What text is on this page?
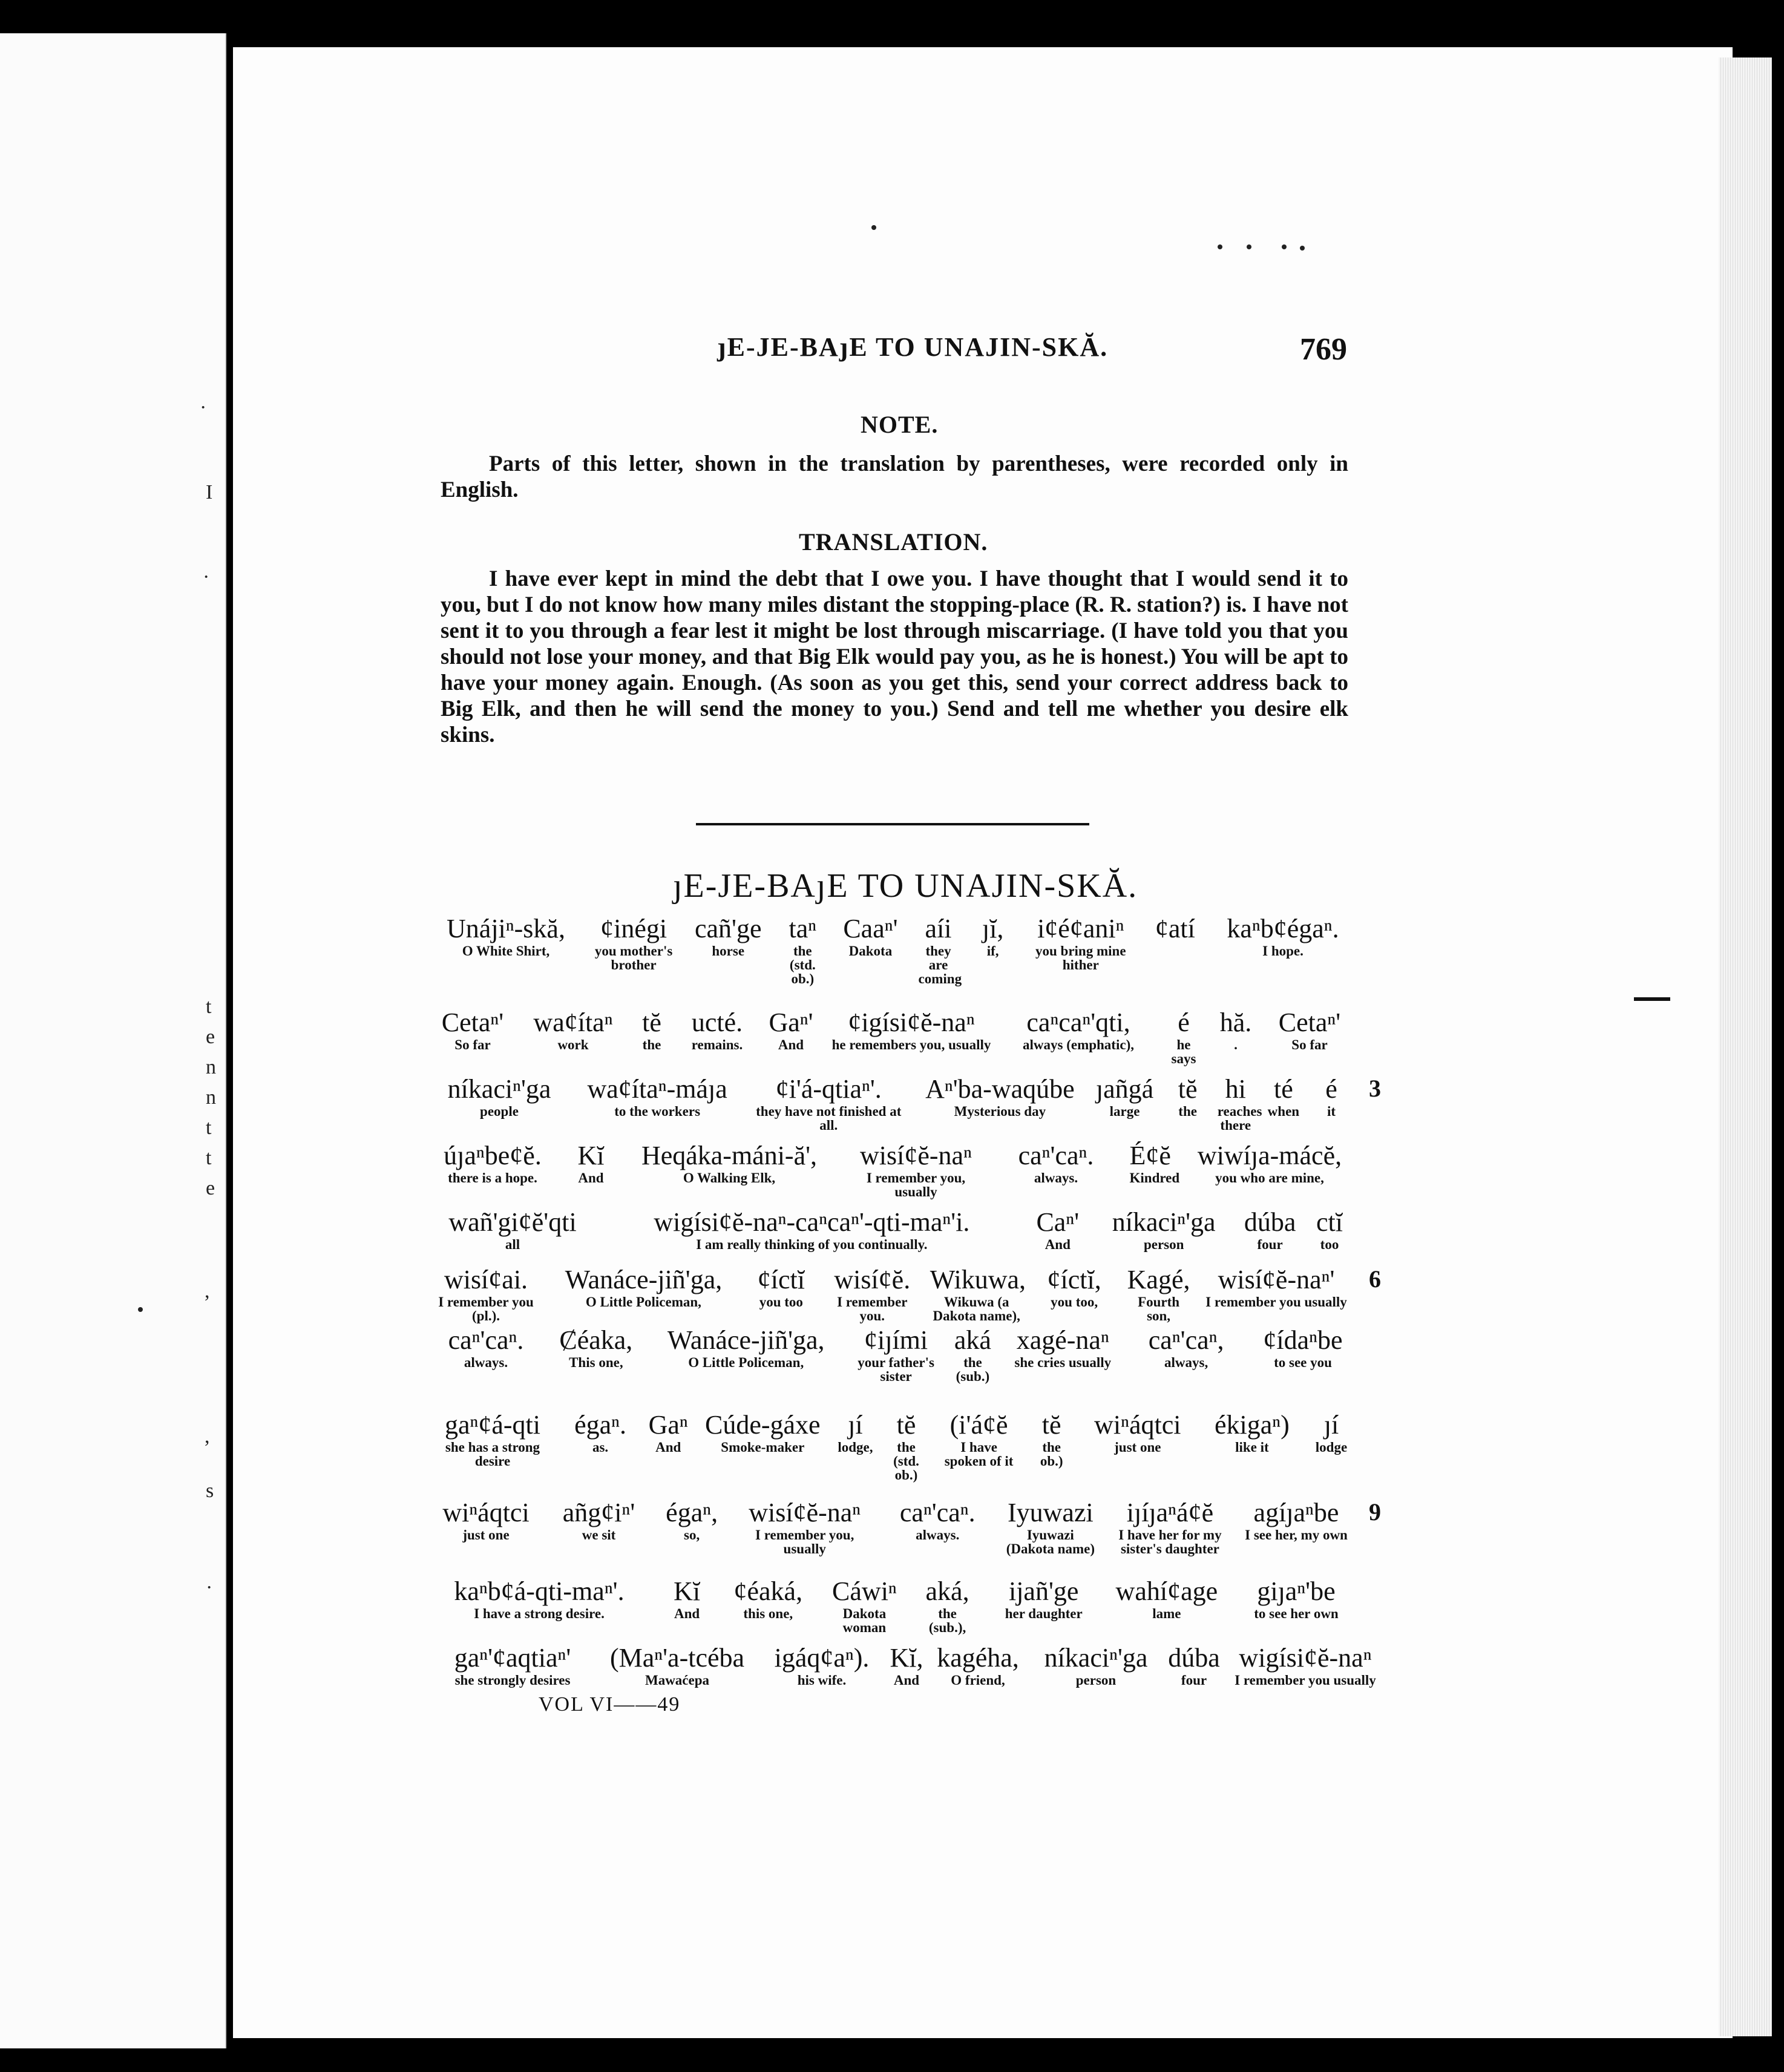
·
I
·
t
e
n
n
t
t
e
,
,
s
·
ȷE-JE-BAȷE TO UNAJIN-SKĂ.	769
NOTE.
Parts of this letter, shown in the translation by parentheses, were recorded only in English.
TRANSLATION.
I have ever kept in mind the debt that I owe you. I have thought that I would send it to you, but I do not know how many miles distant the stopping-place (R. R. station?) is. I have not sent it to you through a fear lest it might be lost through miscarriage. (I have told you that you should not lose your money, and that Big Elk would pay you, as he is honest.) You will be apt to have your money again. Enough. (As soon as you get this, send your correct address back to Big Elk, and then he will send the money to you.) Send and tell me whether you desire elk skins.
ȷE-JE-BAȷE TO UNAJIN-SKĂ.
Unájiⁿ-skă,
O White Shirt,
ȼinégi
you mother's brother
cañ'ge
horse
taⁿ
the (std. ob.)
Caaⁿ'
Dakota
aíi
they are coming
ȷĭ,
if,
iȼéȼaniⁿ
you bring mine hither
ȼatí	kaⁿbȼégaⁿ.
I hope.
Cetaⁿ'
So far
waȼítaⁿ
work
tĕ
the
ucté.
remains.
Gaⁿ'
And
ȼigísiȼĕ-naⁿ
he remembers you, usually
caⁿcaⁿ'qti,
always (emphatic),
é
he says
hă.
.
Cetaⁿ'
So far
níkaciⁿ'ga
people
waȼítaⁿ-máȷa
to the workers
ȼi'á-qtiaⁿ'.
they have not finished at all.
Aⁿ'ba-waqúbe
Mysterious day
ȷañgá
large
tĕ
the
hi
reaches there
té
when
é
it
3
úȷaⁿbeȼĕ.
there is a hope.
Kĭ
And
Heqáka-máni-ă',
O Walking Elk,
wisíȼĕ-naⁿ
I remember you, usually
caⁿ'caⁿ.
always.
Éȼĕ
Kindred
wiwíȷa-mácĕ,
you who are mine,
wañ'giȼĕ'qti
all
wigísiȼĕ-naⁿ-caⁿcaⁿ'-qti-maⁿ'i.
I am really thinking of you continually.
Caⁿ'
And
níkaciⁿ'ga
person
dúba
four
ctĭ
too
wisíȼai.
I remember you (pl.).
Wanáce-jiñ'ga,
O Little Policeman,
ȼíctĭ
you too
wisíȼĕ.
I remember you.
Wikuwa,
Wikuwa (a Dakota name),
ȼíctĭ,
you too,
Kagé,
Fourth son,
wisíȼĕ-naⁿ'
I remember you usually
6
caⁿ'caⁿ.
always.
Ȼéaka,
This one,
Wanáce-jiñ'ga,
O Little Policeman,
ȼiȷími
your father's sister
aká
the (sub.)
xagé-naⁿ
she cries usually
caⁿ'caⁿ,
always,
ȼídaⁿbe
to see you
gaⁿȼá-qti
she has a strong desire
égaⁿ.
as.
Gaⁿ
And
Cúde-gáxe
Smoke-maker
ȷí
lodge,
tĕ
the (std. ob.)
(i'áȼĕ
I have spoken of it
tĕ
the ob.)
wiⁿáqtci
just one
ékigaⁿ)
like it
ȷí
lodge
wiⁿáqtci
just one
añgȼiⁿ'
we sit
égaⁿ,
so,
wisíȼĕ-naⁿ
I remember you, usually
caⁿ'caⁿ.
always.
Iyuwazi
Iyuwazi (Dakota name)
iȷíȷaⁿáȼĕ
I have her for my sister's daughter
agíȷaⁿbe
I see her, my own
9
kaⁿbȼá-qti-maⁿ'.
I have a strong desire.
Kĭ
And
ȼéaká,
this one,
Cáwiⁿ
Dakota woman
aká,
the (sub.),
ijañ'ge
her daughter
wahíȼage
lame
giȷaⁿ'be
to see her own
gaⁿ'ȼaqtiaⁿ'
she strongly desires
(Maⁿ'a-tcéba
Mawaćepa
igáqȼaⁿ).
his wife.
Kĭ,
And
kagéha,
O friend,
níkaciⁿ'ga
person
dúba
four
wigísiȼĕ-naⁿ
I remember you usually
VOL VI——49
